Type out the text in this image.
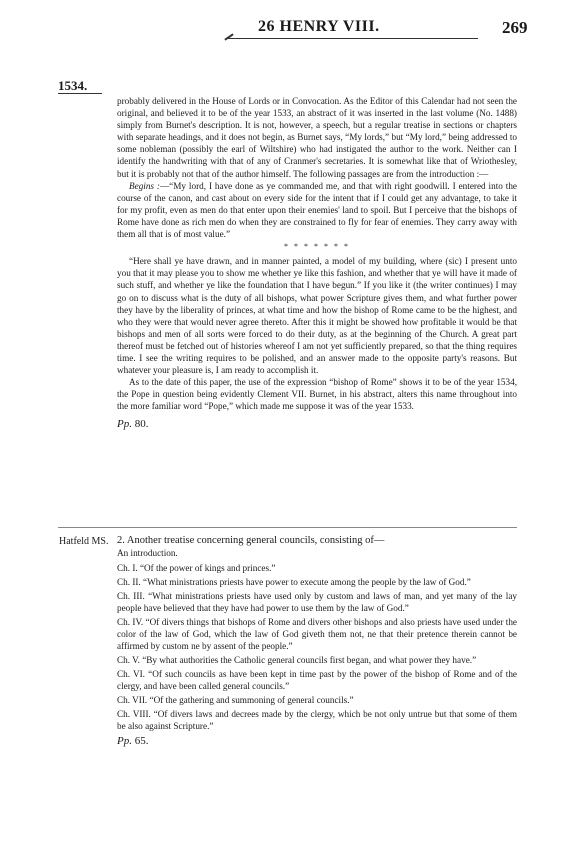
26 HENRY VIII.	269
1534.

probably delivered in the House of Lords or in Convocation. As the Editor of this Calendar had not seen the original, and believed it to be of the year 1533, an abstract of it was inserted in the last volume (No. 1488) simply from Burnet's description. It is not, however, a speech, but a regular treatise in sections or chapters with separate headings, and it does not begin, as Burnet says, “My lords,” but “My lord,” being addressed to some nobleman (possibly the earl of Wiltshire) who had instigated the author to the work. Neither can I identify the handwriting with that of any of Cranmer's secretaries. It is somewhat like that of Wriothesley, but it is probably not that of the author himself. The following passages are from the introduction :—

Begins :—“My lord, I have done as ye commanded me, and that with right goodwill. I entered into the course of the canon, and cast about on every side for the intent that if I could get any advantage, to take it for my profit, even as men do that enter upon their enemies' land to spoil. But I perceive that the bishops of Rome have done as rich men do when they are constrained to fly for fear of enemies. They carry away with them all that is of most value.”

* * * * * * *

“Here shall ye have drawn, and in manner painted, a model of my building, where (sic) I present unto you that it may please you to show me whether ye like this fashion, and whether that ye will have it made of such stuff, and whether ye like the foundation that I have begun.” If you like it (the writer continues) I may go on to discuss what is the duty of all bishops, what power Scripture gives them, and what further power they have by the liberality of princes, at what time and how the bishop of Rome came to be the highest, and who they were that would never agree thereto. After this it might be showed how profitable it would be that bishops and men of all sorts were forced to do their duty, as at the beginning of the Church. A great part thereof must be fetched out of histories whereof I am not yet sufficiently prepared, so that the thing requires time. I see the writing requires to be polished, and an answer made to the opposite party's reasons. But whatever your pleasure is, I am ready to accomplish it.

As to the date of this paper, the use of the expression “bishop of Rome” shows it to be of the year 1534, the Pope in question being evidently Clement VII. Burnet, in his abstract, alters this name throughout into the more familiar word “Pope,” which made me suppose it was of the year 1533.

Pp. 80.

Hatfeld MS. 2. Another treatise concerning general councils, consisting of—

An introduction.

Ch. I. “Of the power of kings and princes.”

Ch. II. “What ministrations priests have power to execute among the people by the law of God.”

Ch. III. “What ministrations priests have used only by custom and laws of man, and yet many of the lay people have believed that they have had power to use them by the law of God.”

Ch. IV. “Of divers things that bishops of Rome and divers other bishops and also priests have used under the color of the law of God, which the law of God giveth them not, ne that their pretence therein cannot be affirmed by custom ne by assent of the people.”

Ch. V. “By what authorities the Catholic general councils first began, and what power they have.”

Ch. VI. “Of such councils as have been kept in time past by the power of the bishop of Rome and of the clergy, and have been called general councils.”

Ch. VII. “Of the gathering and summoning of general councils.”

Ch. VIII. “Of divers laws and decrees made by the clergy, which be not only untrue but that some of them be also against Scripture.”

Pp. 65.
